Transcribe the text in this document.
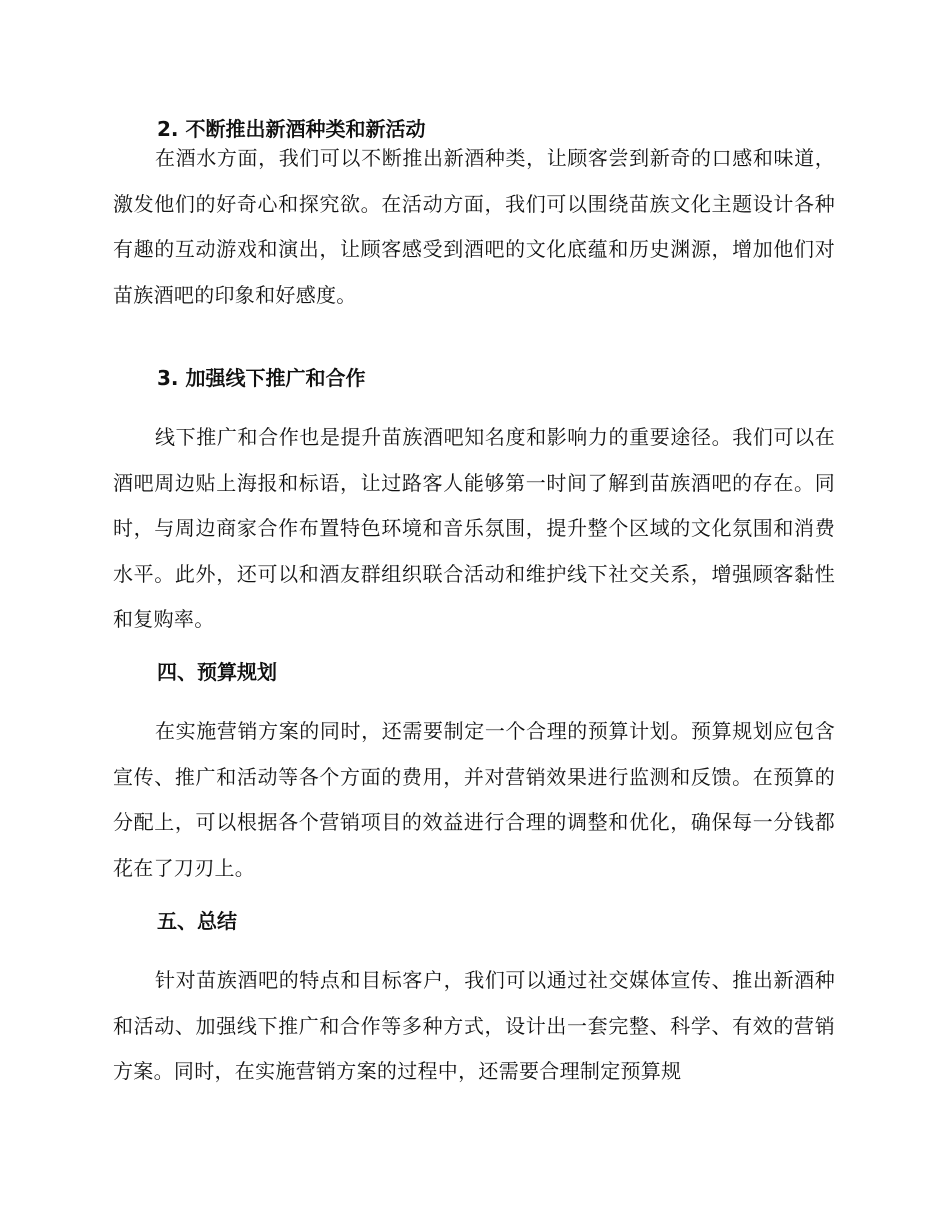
2. 不断推出新酒种类和新活动

在酒水方面，我们可以不断推出新酒种类，让顾客尝到新奇的口感和味道，激发他们的好奇心和探究欲。在活动方面，我们可以围绕苗族文化主题设计各种有趣的互动游戏和演出，让顾客感受到酒吧的文化底蕴和历史渊源，增加他们对苗族酒吧的印象和好感度。

3. 加强线下推广和合作

线下推广和合作也是提升苗族酒吧知名度和影响力的重要途径。我们可以在酒吧周边贴上海报和标语，让过路客人能够第一时间了解到苗族酒吧的存在。同时，与周边商家合作布置特色环境和音乐氛围，提升整个区域的文化氛围和消费水平。此外，还可以和酒友群组织联合活动和维护线下社交关系，增强顾客黏性和复购率。

四、预算规划

在实施营销方案的同时，还需要制定一个合理的预算计划。预算规划应包含宣传、推广和活动等各个方面的费用，并对营销效果进行监测和反馈。在预算的分配上，可以根据各个营销项目的效益进行合理的调整和优化，确保每一分钱都花在了刀刃上。

五、总结

针对苗族酒吧的特点和目标客户，我们可以通过社交媒体宣传、推出新酒种和活动、加强线下推广和合作等多种方式，设计出一套完整、科学、有效的营销方案。同时，在实施营销方案的过程中，还需要合理制定预算规
